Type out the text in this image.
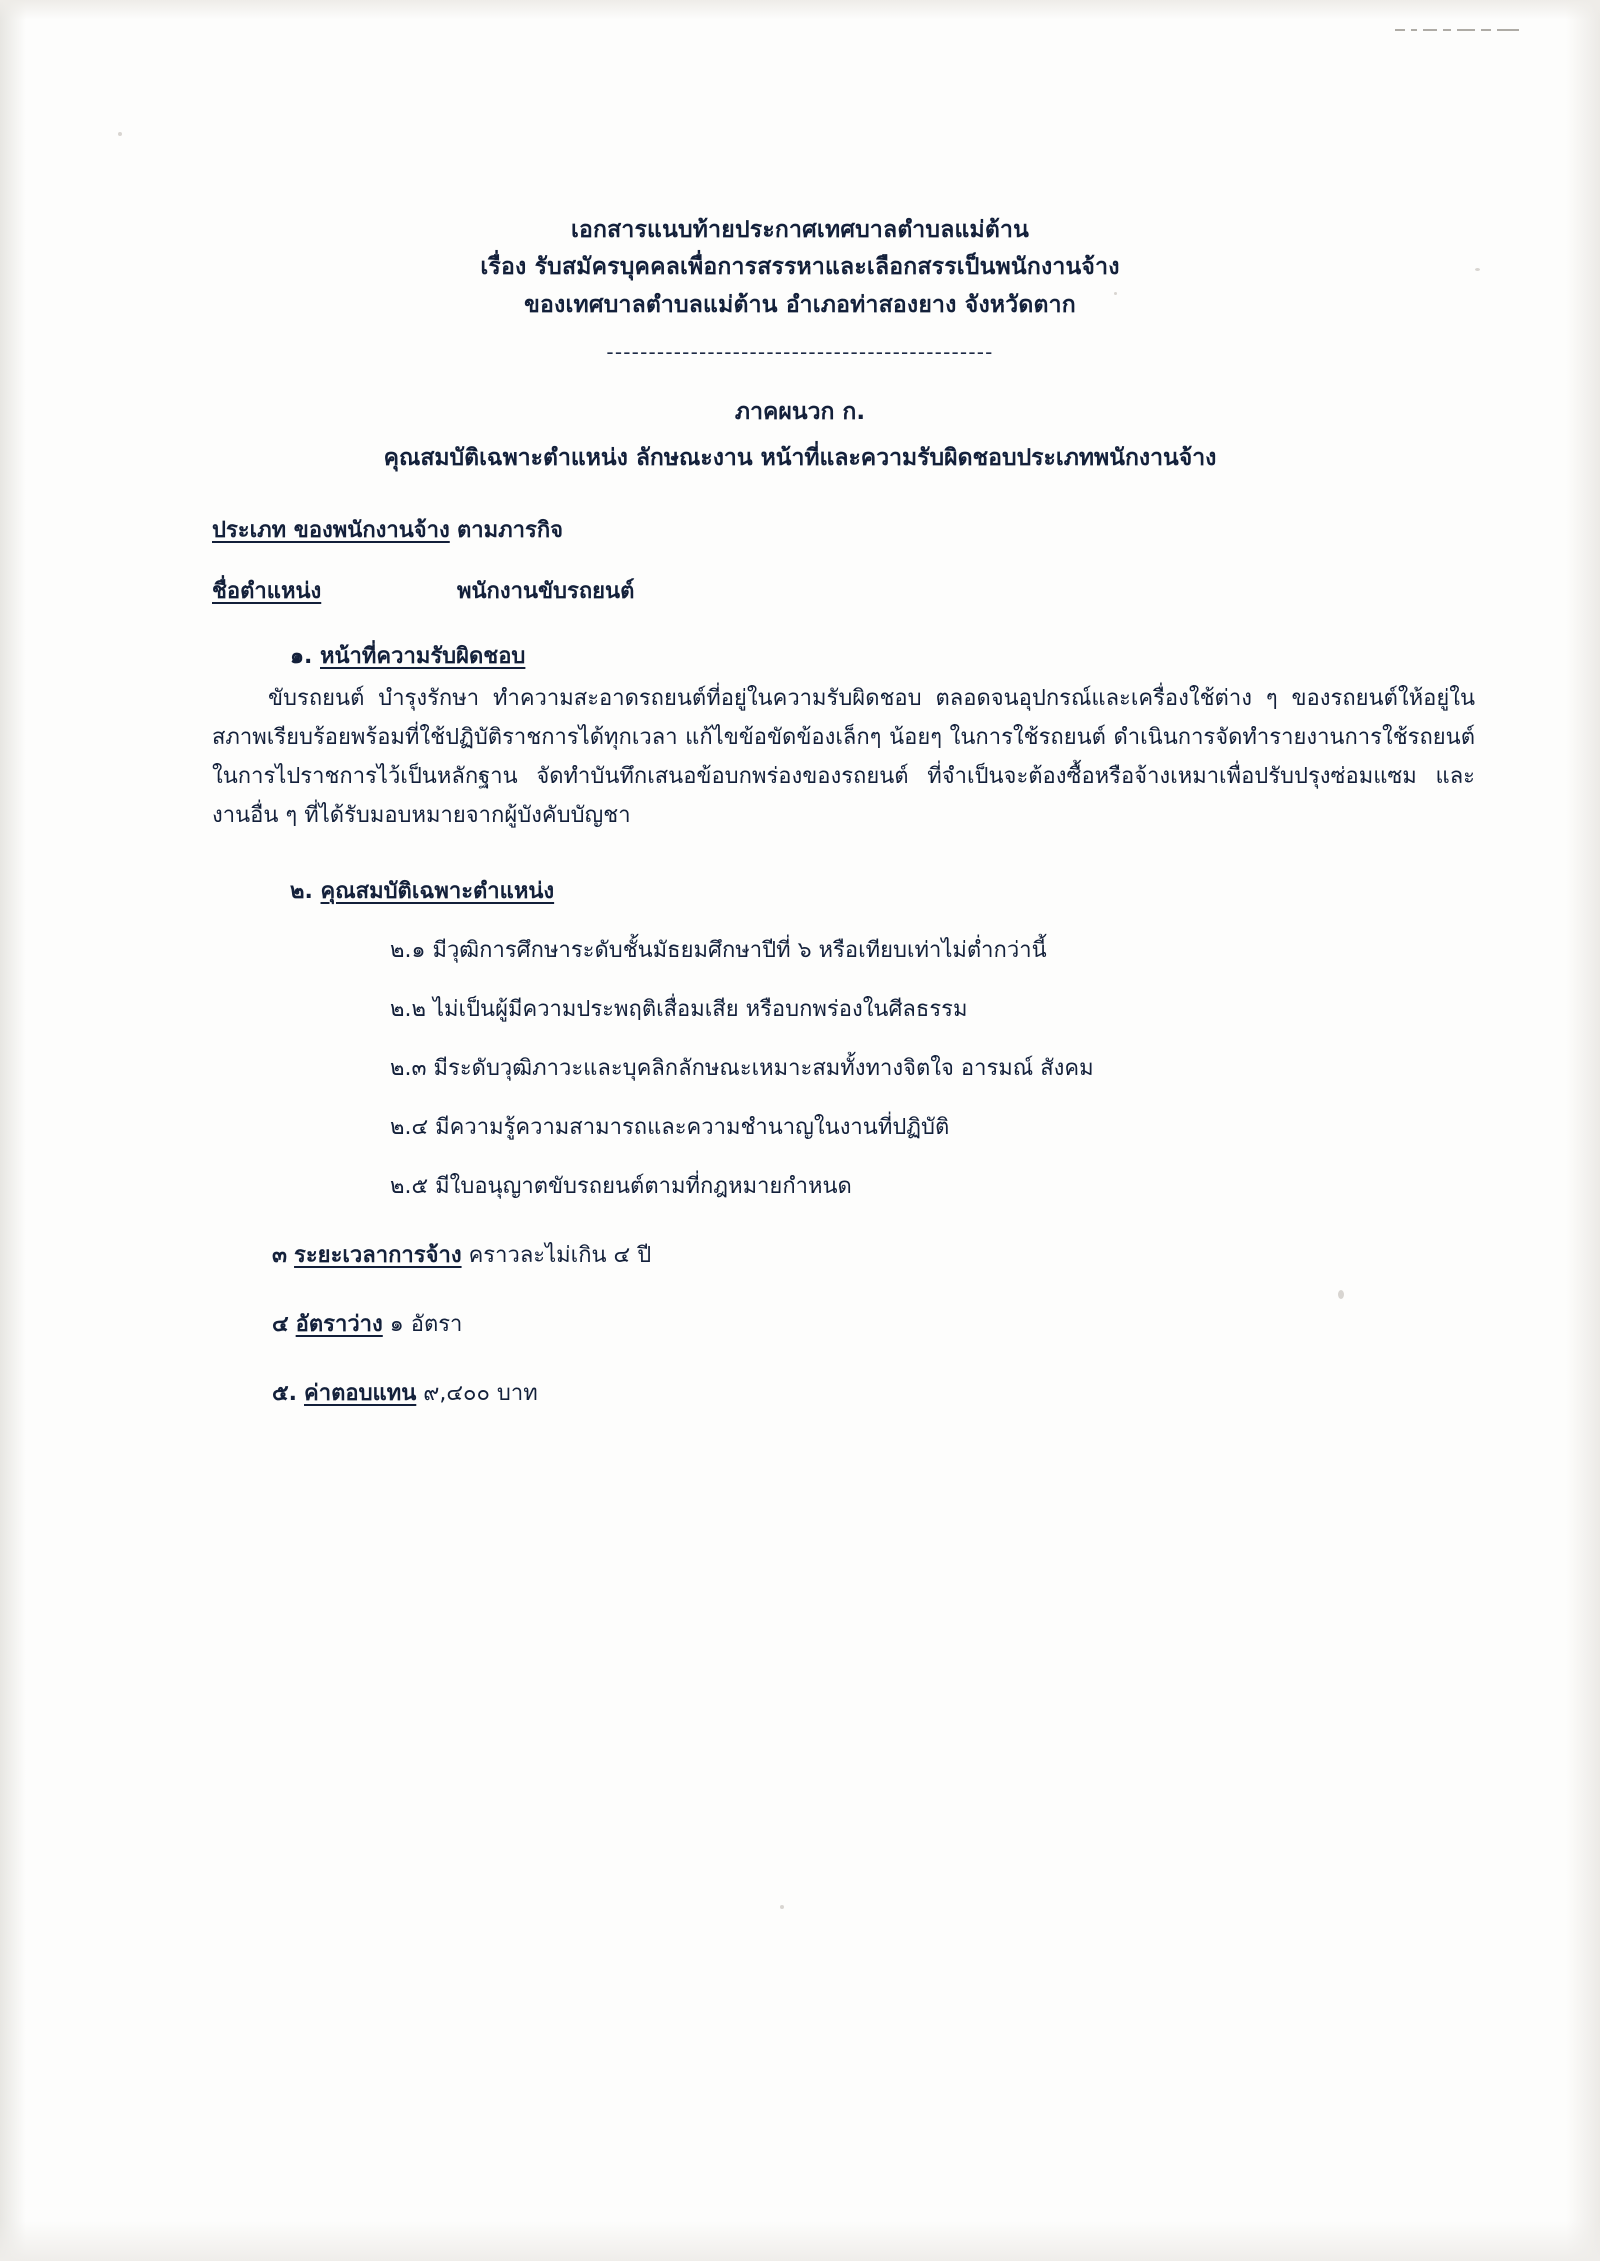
เอกสารแนบท้ายประกาศเทศบาลตำบลแม่ต้าน
เรื่อง รับสมัครบุคคลเพื่อการสรรหาและเลือกสรรเป็นพนักงานจ้าง
ของเทศบาลตำบลแม่ต้าน อำเภอท่าสองยาง จังหวัดตาก
----------------------------------------------
ภาคผนวก ก.
คุณสมบัติเฉพาะตำแหน่ง ลักษณะงาน หน้าที่และความรับผิดชอบประเภทพนักงานจ้าง
ประเภท ของพนักงานจ้าง ตามภารกิจ
ชื่อตำแหน่ง	พนักงานขับรถยนต์
๑. หน้าที่ความรับผิดชอบ
ขับรถยนต์ บำรุงรักษา ทำความสะอาดรถยนต์ที่อยู่ในความรับผิดชอบ ตลอดจนอุปกรณ์และเครื่องใช้ต่าง ๆ ของรถยนต์ให้อยู่ในสภาพเรียบร้อยพร้อมที่ใช้ปฏิบัติราชการได้ทุกเวลา แก้ไขข้อขัดข้องเล็กๆ น้อยๆ ในการใช้รถยนต์ ดำเนินการจัดทำรายงานการใช้รถยนต์ในการไปราชการไว้เป็นหลักฐาน จัดทำบันทึกเสนอข้อบกพร่องของรถยนต์ ที่จำเป็นจะต้องซื้อหรือจ้างเหมาเพื่อปรับปรุงซ่อมแซม และงานอื่น ๆ ที่ได้รับมอบหมายจากผู้บังคับบัญชา
๒. คุณสมบัติเฉพาะตำแหน่ง
๒.๑ มีวุฒิการศึกษาระดับชั้นมัธยมศึกษาปีที่ ๖ หรือเทียบเท่าไม่ต่ำกว่านี้
๒.๒ ไม่เป็นผู้มีความประพฤติเสื่อมเสีย หรือบกพร่องในศีลธรรม
๒.๓ มีระดับวุฒิภาวะและบุคลิกลักษณะเหมาะสมทั้งทางจิตใจ อารมณ์ สังคม
๒.๔ มีความรู้ความสามารถและความชำนาญในงานที่ปฏิบัติ
๒.๕ มีใบอนุญาตขับรถยนต์ตามที่กฎหมายกำหนด
๓ ระยะเวลาการจ้าง คราวละไม่เกิน ๔ ปี
๔ อัตราว่าง ๑ อัตรา
๕. ค่าตอบแทน ๙,๔๐๐ บาท
